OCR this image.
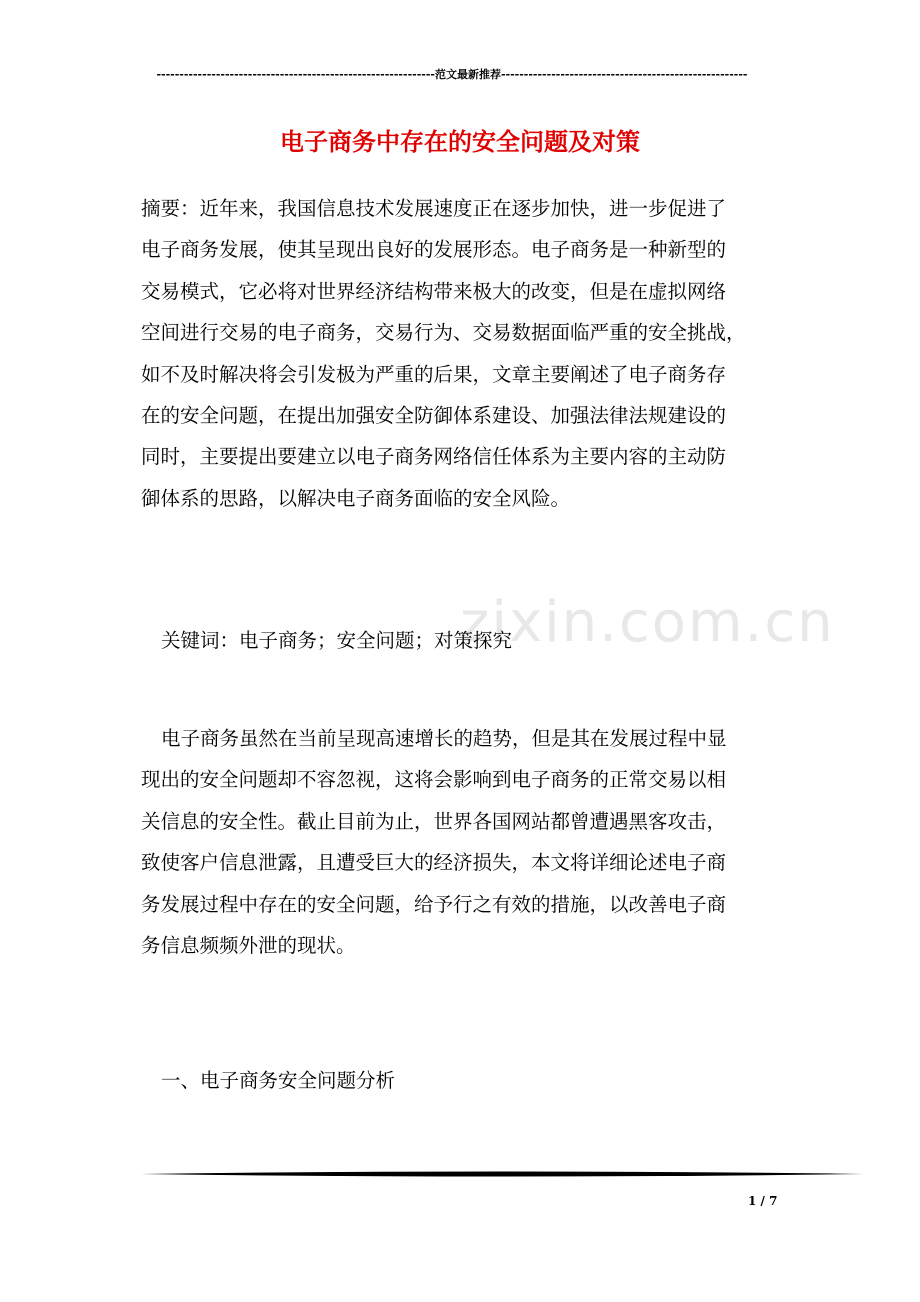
-------------------------------------------------------------范文最新推荐------------------------------------------------------
电子商务中存在的安全问题及对策
zixin.com.cn
摘要：近年来，我国信息技术发展速度正在逐步加快，进一步促进了
电子商务发展，使其呈现出良好的发展形态。电子商务是一种新型的
交易模式，它必将对世界经济结构带来极大的改变，但是在虚拟网络
空间进行交易的电子商务，交易行为、交易数据面临严重的安全挑战，
如不及时解决将会引发极为严重的后果，文章主要阐述了电子商务存
在的安全问题，在提出加强安全防御体系建设、加强法律法规建设的
同时，主要提出要建立以电子商务网络信任体系为主要内容的主动防
御体系的思路，以解决电子商务面临的安全风险。
关键词：电子商务；安全问题；对策探究
电子商务虽然在当前呈现高速增长的趋势，但是其在发展过程中显
现出的安全问题却不容忽视，这将会影响到电子商务的正常交易以相
关信息的安全性。截止目前为止，世界各国网站都曾遭遇黑客攻击，
致使客户信息泄露，且遭受巨大的经济损失，本文将详细论述电子商
务发展过程中存在的安全问题，给予行之有效的措施，以改善电子商
务信息频频外泄的现状。
一、电子商务安全问题分析
1 / 7
